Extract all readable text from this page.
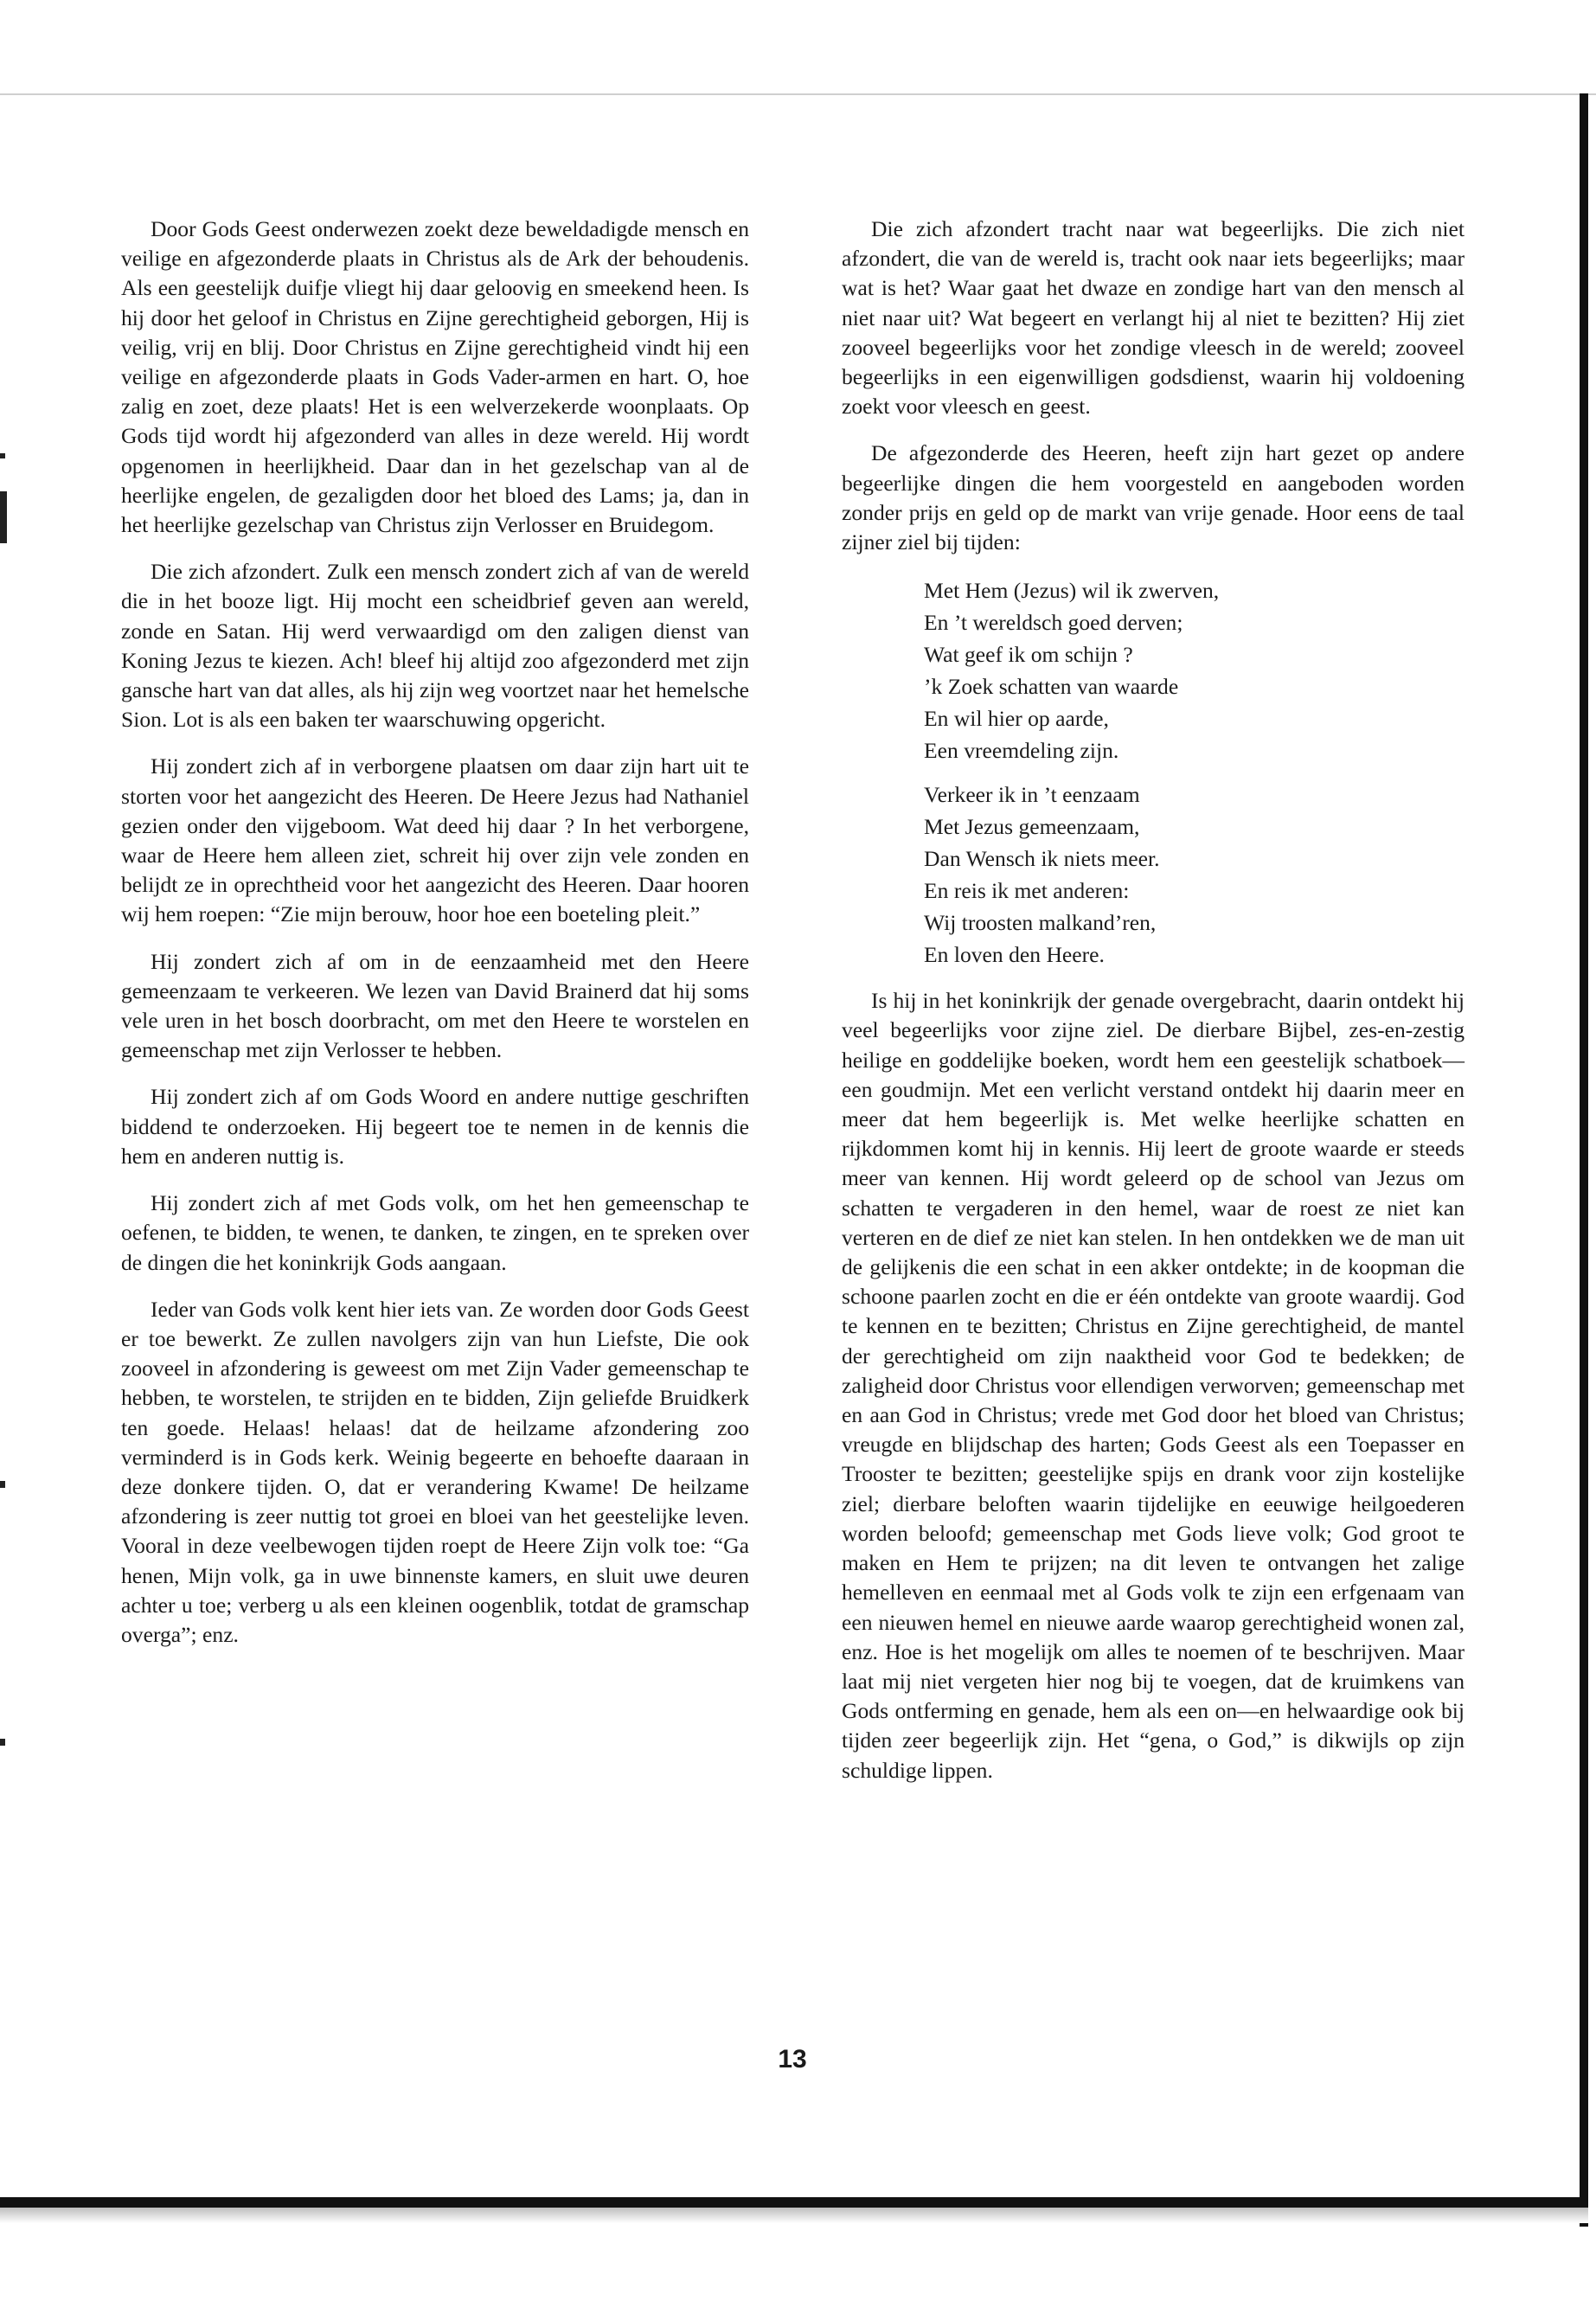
Door Gods Geest onderwezen zoekt deze beweldadigde mensch en veilige en afgezonderde plaats in Christus als de Ark der behoudenis. Als een geestelijk duifje vliegt hij daar geloovig en smeekend heen. Is hij door het geloof in Christus en Zijne gerechtigheid geborgen, Hij is veilig, vrij en blij. Door Christus en Zijne gerechtigheid vindt hij een veilige en afgezonderde plaats in Gods Vader-armen en hart. O, hoe zalig en zoet, deze plaats! Het is een welverzekerde woonplaats. Op Gods tijd wordt hij afgezonderd van alles in deze wereld. Hij wordt opgenomen in heerlijkheid. Daar dan in het gezelschap van al de heerlijke engelen, de gezaligden door het bloed des Lams; ja, dan in het heerlijke gezelschap van Christus zijn Verlosser en Bruidegom.

Die zich afzondert. Zulk een mensch zondert zich af van de wereld die in het booze ligt. Hij mocht een scheidbrief geven aan wereld, zonde en Satan. Hij werd verwaardigd om den zaligen dienst van Koning Jezus te kiezen. Ach! bleef hij altijd zoo afgezonderd met zijn gansche hart van dat alles, als hij zijn weg voortzet naar het hemelsche Sion. Lot is als een baken ter waarschuwing opgericht.

Hij zondert zich af in verborgene plaatsen om daar zijn hart uit te storten voor het aangezicht des Heeren. De Heere Jezus had Nathaniel gezien onder den vijgeboom. Wat deed hij daar ? In het verborgene, waar de Heere hem alleen ziet, schreit hij over zijn vele zonden en belijdt ze in oprechtheid voor het aangezicht des Heeren. Daar hooren wij hem roepen: “Zie mijn berouw, hoor hoe een boeteling pleit.”

Hij zondert zich af om in de eenzaamheid met den Heere gemeenzaam te verkeeren. We lezen van David Brainerd dat hij soms vele uren in het bosch doorbracht, om met den Heere te worstelen en gemeenschap met zijn Verlosser te hebben.

Hij zondert zich af om Gods Woord en andere nuttige geschriften biddend te onderzoeken. Hij begeert toe te nemen in de kennis die hem en anderen nuttig is.

Hij zondert zich af met Gods volk, om het hen gemeenschap te oefenen, te bidden, te wenen, te danken, te zingen, en te spreken over de dingen die het koninkrijk Gods aangaan.

Ieder van Gods volk kent hier iets van. Ze worden door Gods Geest er toe bewerkt. Ze zullen navolgers zijn van hun Liefste, Die ook zooveel in afzondering is geweest om met Zijn Vader gemeenschap te hebben, te worstelen, te strijden en te bidden, Zijn geliefde Bruidkerk ten goede. Helaas! helaas! dat de heilzame afzondering zoo verminderd is in Gods kerk. Weinig begeerte en behoefte daaraan in deze donkere tijden. O, dat er verandering Kwame! De heilzame afzondering is zeer nuttig tot groei en bloei van het geestelijke leven. Vooral in deze veelbewogen tijden roept de Heere Zijn volk toe: “Ga henen, Mijn volk, ga in uwe binnenste kamers, en sluit uwe deuren achter u toe; verberg u als een kleinen oogenblik, totdat de gramschap overga”; enz.

Die zich afzondert tracht naar wat begeerlijks. Die zich niet afzondert, die van de wereld is, tracht ook naar iets begeerlijks; maar wat is het? Waar gaat het dwaze en zondige hart van den mensch al niet naar uit? Wat begeert en verlangt hij al niet te bezitten? Hij ziet zooveel begeerlijks voor het zondige vleesch in de wereld; zooveel begeerlijks in een eigenwilligen godsdienst, waarin hij voldoening zoekt voor vleesch en geest.

De afgezonderde des Heeren, heeft zijn hart gezet op andere begeerlijke dingen die hem voorgesteld en aangeboden worden zonder prijs en geld op de markt van vrije genade. Hoor eens de taal zijner ziel bij tijden:

Met Hem (Jezus) wil ik zwerven,
En ’t wereldsch goed derven;
Wat geef ik om schijn ?
’k Zoek schatten van waarde
En wil hier op aarde,
Een vreemdeling zijn.
Verkeer ik in ’t eenzaam
Met Jezus gemeenzaam,
Dan Wensch ik niets meer.
En reis ik met anderen:
Wij troosten malkand’ren,
En loven den Heere.

Is hij in het koninkrijk der genade overgebracht, daarin ontdekt hij veel begeerlijks voor zijne ziel. De dierbare Bijbel, zes-en-zestig heilige en goddelijke boeken, wordt hem een geestelijk schatboek—een goudmijn. Met een verlicht verstand ontdekt hij daarin meer en meer dat hem begeerlijk is. Met welke heerlijke schatten en rijkdommen komt hij in kennis. Hij leert de groote waarde er steeds meer van kennen. Hij wordt geleerd op de school van Jezus om schatten te vergaderen in den hemel, waar de roest ze niet kan verteren en de dief ze niet kan stelen. In hen ontdekken we de man uit de gelijkenis die een schat in een akker ontdekte; in de koopman die schoone paarlen zocht en die er één ontdekte van groote waardij. God te kennen en te bezitten; Christus en Zijne gerechtigheid, de mantel der gerechtigheid om zijn naaktheid voor God te bedekken; de zaligheid door Christus voor ellendigen verworven; gemeenschap met en aan God in Christus; vrede met God door het bloed van Christus; vreugde en blijdschap des harten; Gods Geest als een Toepasser en Trooster te bezitten; geestelijke spijs en drank voor zijn kostelijke ziel; dierbare beloften waarin tijdelijke en eeuwige heilgoederen worden beloofd; gemeenschap met Gods lieve volk; God groot te maken en Hem te prijzen; na dit leven te ontvangen het zalige hemelleven en eenmaal met al Gods volk te zijn een erfgenaam van een nieuwen hemel en nieuwe aarde waarop gerechtigheid wonen zal, enz. Hoe is het mogelijk om alles te noemen of te beschrijven. Maar laat mij niet vergeten hier nog bij te voegen, dat de kruimkens van Gods ontferming en genade, hem als een on—en helwaardige ook bij tijden zeer begeerlijk zijn. Het “gena, o God,” is dikwijls op zijn schuldige lippen.

13
